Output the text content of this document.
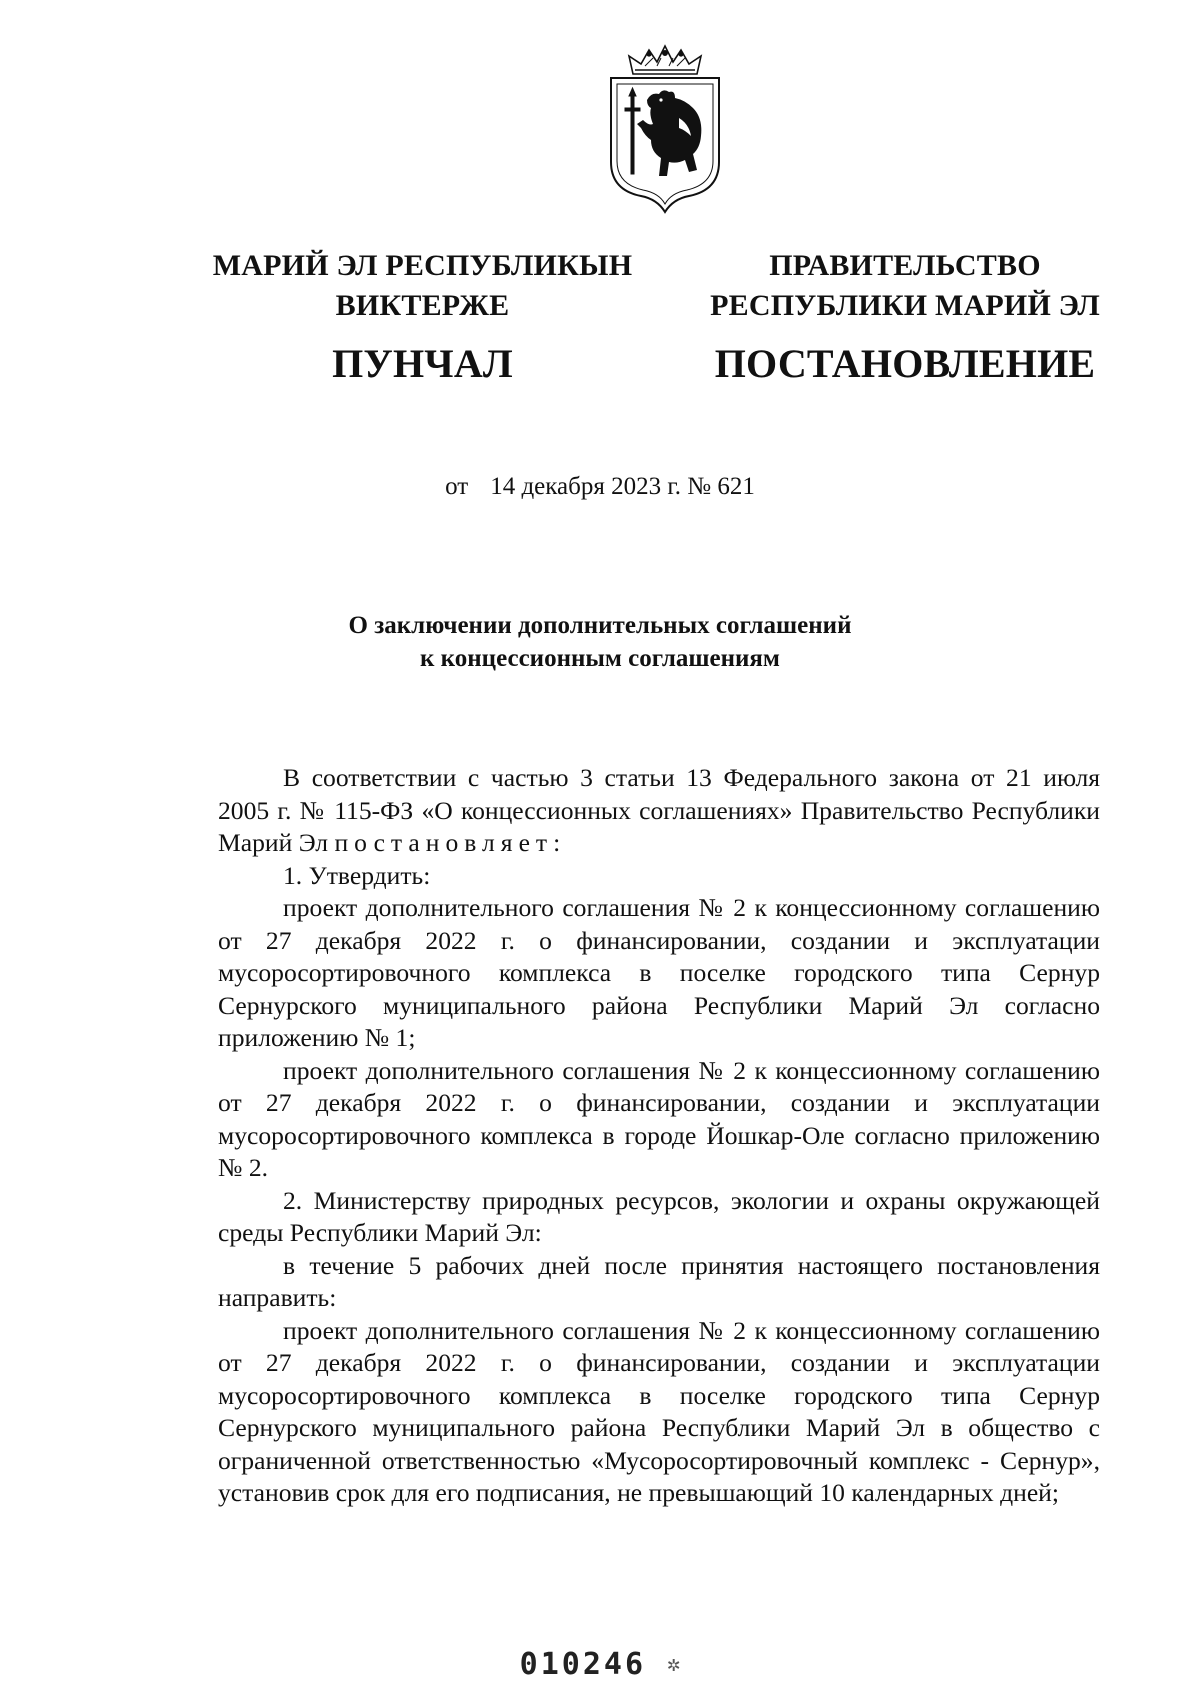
МАРИЙ ЭЛ РЕСПУБЛИКЫН
ВИКТЕРЖЕ
ПУНЧАЛ
ПРАВИТЕЛЬСТВО
РЕСПУБЛИКИ МАРИЙ ЭЛ
ПОСТАНОВЛЕНИЕ
от 14 декабря 2023 г. № 621
О заключении дополнительных соглашений
к концессионным соглашениям

В соответствии с частью 3 статьи 13 Федерального закона от 21 июля 2005 г. № 115-ФЗ «О концессионных соглашениях» Правительство Республики Марий Эл постановляет:

1. Утвердить:

проект дополнительного соглашения № 2 к концессионному соглашению от 27 декабря 2022 г. о финансировании, создании и эксплуатации мусоросортировочного комплекса в поселке городского типа Сернур Сернурского муниципального района Республики Марий Эл согласно приложению № 1;

проект дополнительного соглашения № 2 к концессионному соглашению от 27 декабря 2022 г. о финансировании, создании и эксплуатации мусоросортировочного комплекса в городе Йошкар-Оле согласно приложению № 2.

2. Министерству природных ресурсов, экологии и охраны окружающей среды Республики Марий Эл:

в течение 5 рабочих дней после принятия настоящего постановления направить:

проект дополнительного соглашения № 2 к концессионному соглашению от 27 декабря 2022 г. о финансировании, создании и эксплуатации мусоросортировочного комплекса в поселке городского типа Сернур Сернурского муниципального района Республики Марий Эл в общество с ограниченной ответственностью «Мусоросортировочный комплекс - Сернур», установив срок для его подписания, не превышающий 10 календарных дней;

010246 ✲
